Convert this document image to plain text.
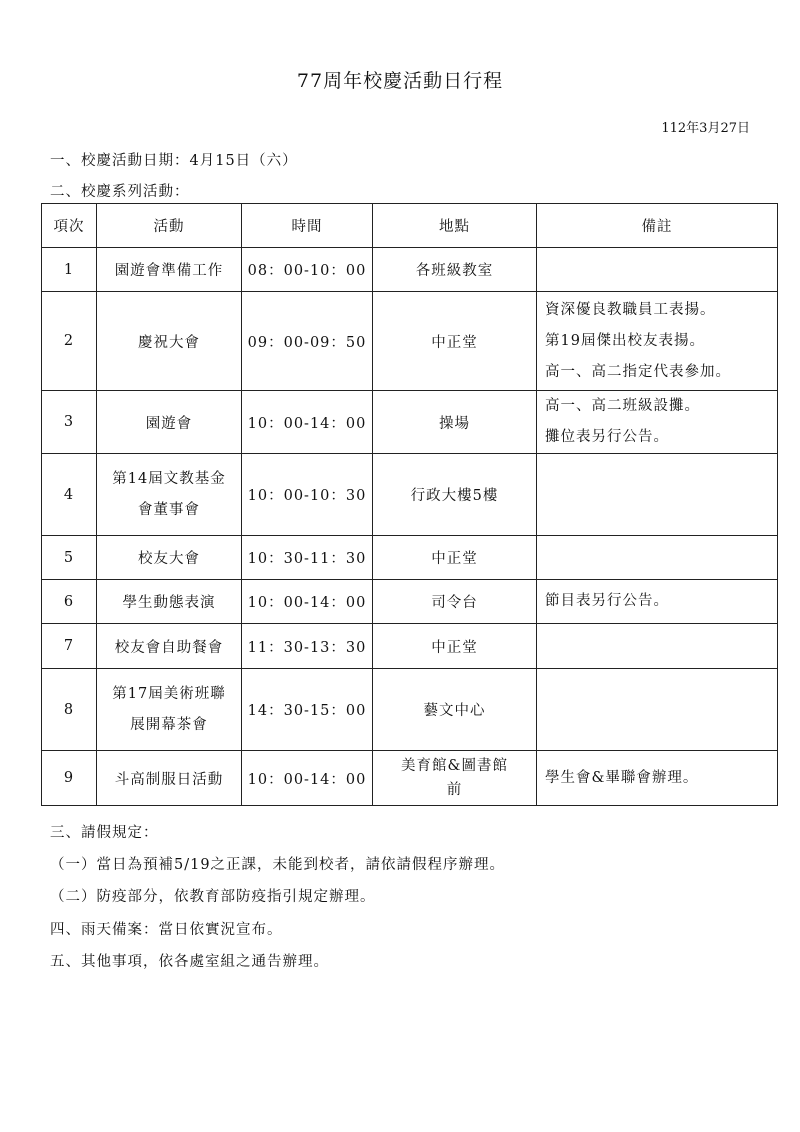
77周年校慶活動日行程
112年3月27日
一、校慶活動日期：4月15日（六）
二、校慶系列活動：
項次	活動	時間	地點	備註
1	園遊會準備工作	08：00-10：00	各班級教室	

2	慶祝大會	09：00-09：50	中正堂	資深優良教職員工表揚。
第19屆傑出校友表揚。
高一、高二指定代表參加。

3	園遊會	10：00-14：00	操場	高一、高二班級設攤。
攤位表另行公告。

4	第14屆文教基金
會董事會	10：00-10：30	行政大樓5樓	

5	校友大會	10：30-11：30	中正堂	

6	學生動態表演	10：00-14：00	司令台	節目表另行公告。

7	校友會自助餐會	11：30-13：30	中正堂	

8	第17屆美術班聯
展開幕茶會	14：30-15：00	藝文中心	

9	斗高制服日活動	10：00-14：00	美育館&圖書館
前	學生會&畢聯會辦理。
三、請假規定：
（一）當日為預補5/19之正課，未能到校者，請依請假程序辦理。
（二）防疫部分，依教育部防疫指引規定辦理。
四、雨天備案：當日依實況宣布。
五、其他事項，依各處室組之通告辦理。
